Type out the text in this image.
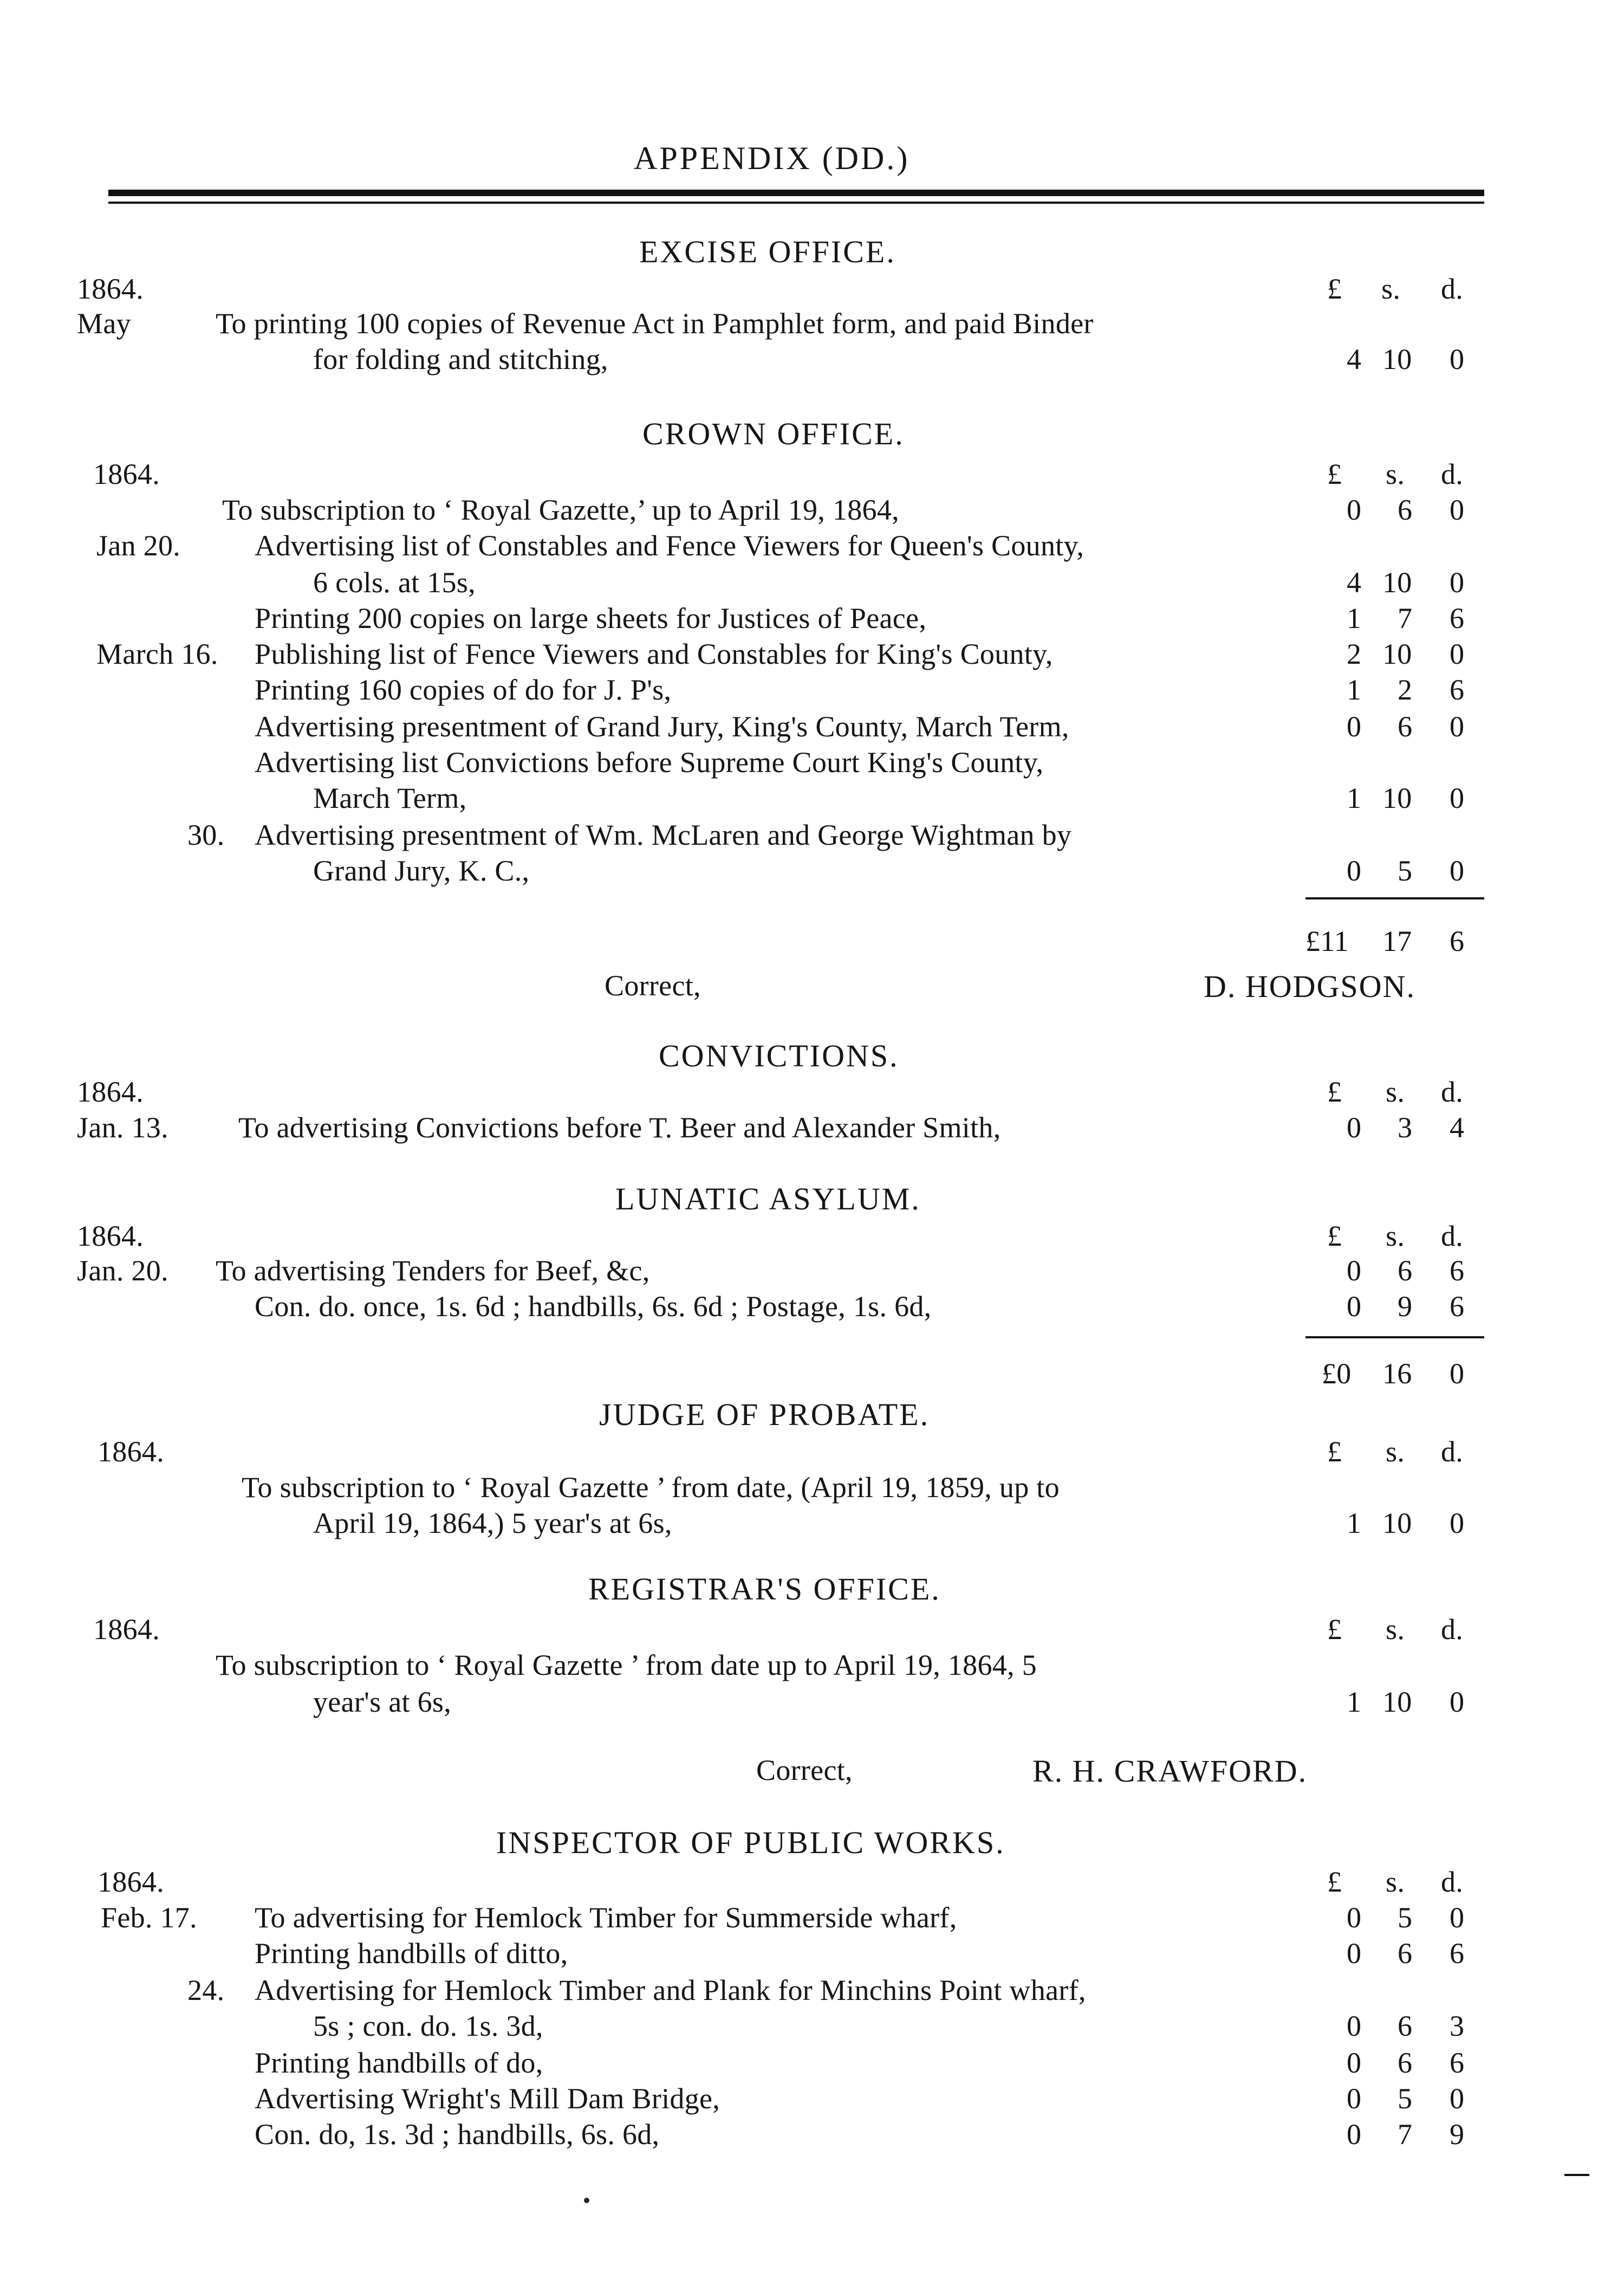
APPENDIX (DD.)
EXCISE OFFICE.
1864.	£ s. d.
May	To printing 100 copies of Revenue Act in Pamphlet form, and paid Binder
for folding and stitching,	4 10 0
CROWN OFFICE.
1864.	£ s. d.
To subscription to ‘ Royal Gazette,’ up to April 19, 1864,	0 6 0
Jan 20.	Advertising list of Constables and Fence Viewers for Queen's County,
6 cols. at 15s,	4 10 0
Printing 200 copies on large sheets for Justices of Peace,	1 7 6
March 16. Publishing list of Fence Viewers and Constables for King's County,	2 10 0
Printing 160 copies of do for J. P's,	1 2 6
Advertising presentment of Grand Jury, King's County, March Term,	0 6 0
Advertising list Convictions before Supreme Court King's County,
March Term,	1 10 0
30. Advertising presentment of Wm. McLaren and George Wightman by
Grand Jury, K. C.,	0 5 0
£11 17 6
Correct,	D. HODGSON.
CONVICTIONS.
1864.	£ s. d.
Jan. 13. To advertising Convictions before T. Beer and Alexander Smith,	0 3 4
LUNATIC ASYLUM.
1864.	£ s. d.
Jan. 20. To advertising Tenders for Beef, &c,	0 6 6
Con. do. once, 1s. 6d ; handbills, 6s. 6d ; Postage, 1s. 6d,	0 9 6
£0 16 0
JUDGE OF PROBATE.
1864.	£ s. d.
To subscription to ‘ Royal Gazette ’ from date, (April 19, 1859, up to
April 19, 1864,) 5 year's at 6s,	1 10 0
REGISTRAR'S OFFICE.
1864.	£ s. d.
To subscription to ‘ Royal Gazette ’ from date up to April 19, 1864, 5
year's at 6s,	1 10 0
Correct,	R. H. CRAWFORD.
INSPECTOR OF PUBLIC WORKS.
1864.	£ s. d.
Feb. 17. To advertising for Hemlock Timber for Summerside wharf,	0 5 0
Printing handbills of ditto,	0 6 6
24. Advertising for Hemlock Timber and Plank for Minchins Point wharf,
5s ; con. do. 1s. 3d,	0 6 3
Printing handbills of do,	0 6 6
Advertising Wright's Mill Dam Bridge,	0 5 0
Con. do, 1s. 3d ; handbills, 6s. 6d,	0 7 9
